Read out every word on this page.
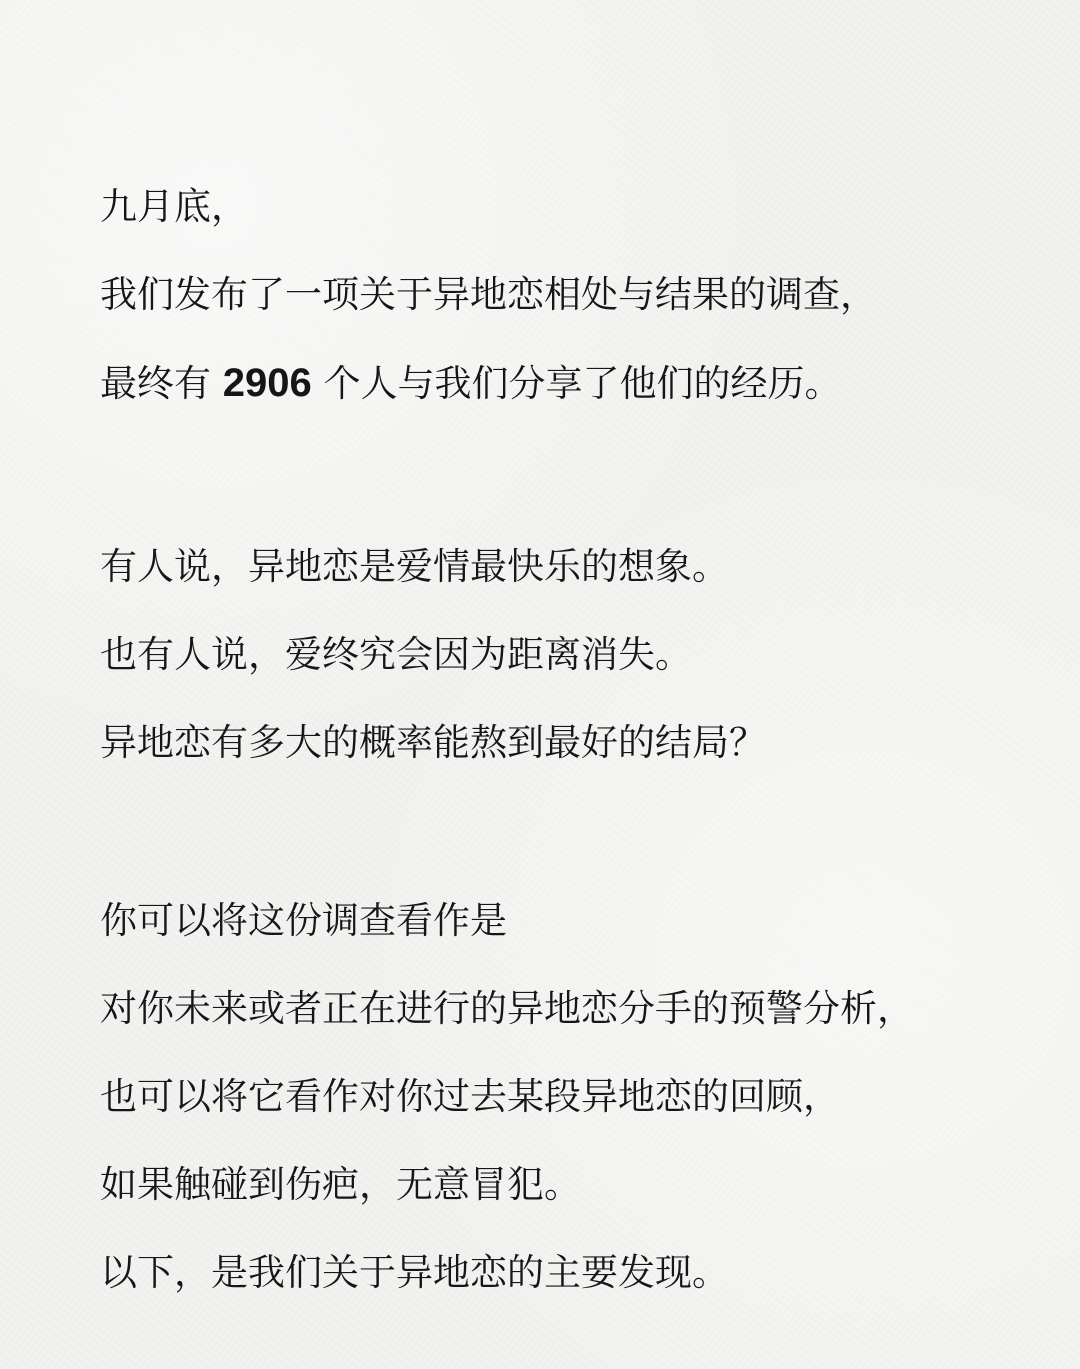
九月底，
我们发布了一项关于异地恋相处与结果的调查，
最终有 2906 个人与我们分享了他们的经历。
有人说，异地恋是爱情最快乐的想象。
也有人说，爱终究会因为距离消失。
异地恋有多大的概率能熬到最好的结局？
你可以将这份调查看作是
对你未来或者正在进行的异地恋分手的预警分析，
也可以将它看作对你过去某段异地恋的回顾，
如果触碰到伤疤，无意冒犯。
以下，是我们关于异地恋的主要发现。
